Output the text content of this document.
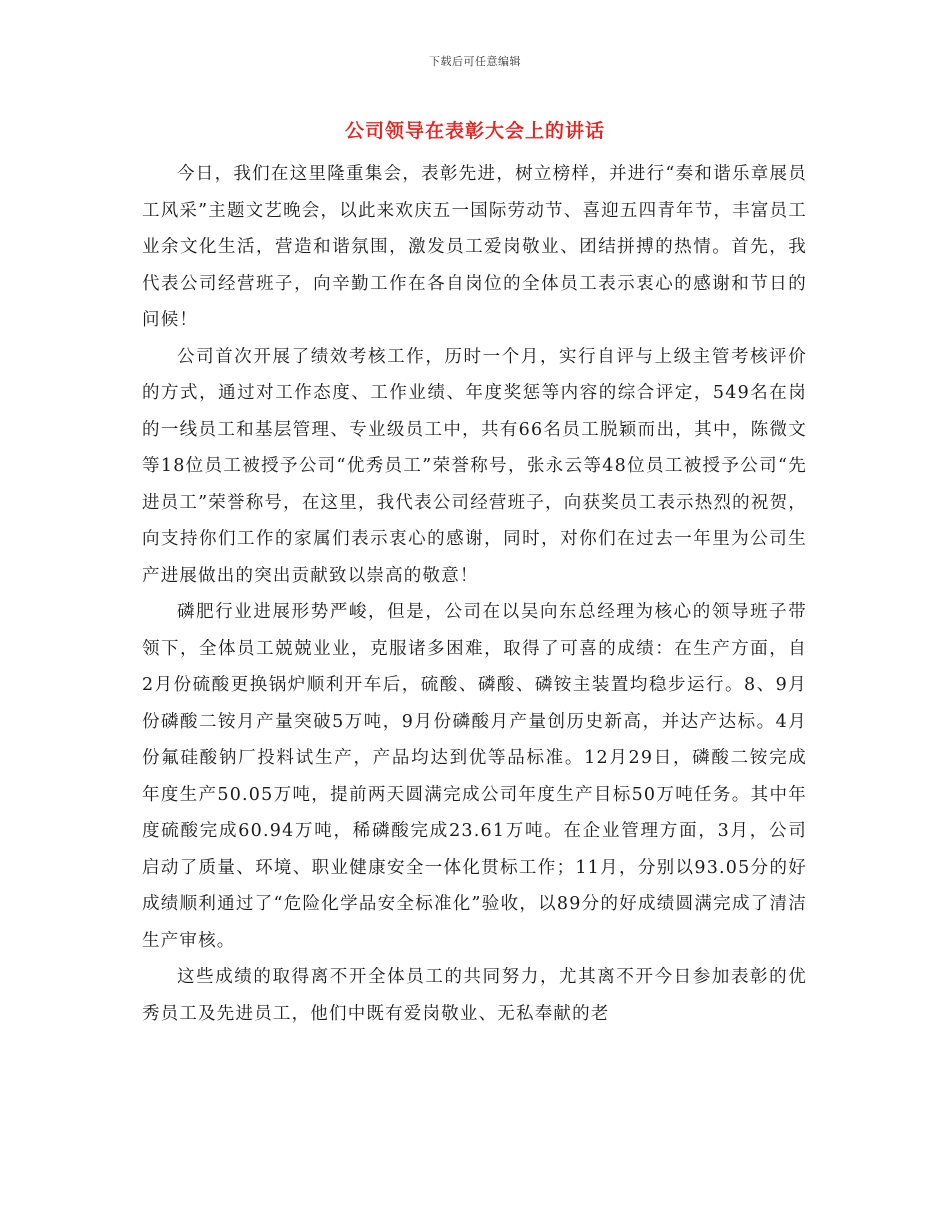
下载后可任意编辑
公司领导在表彰大会上的讲话

今日，我们在这里隆重集会，表彰先进，树立榜样，并进行“奏和谐乐章展员工风采”主题文艺晚会，以此来欢庆五一国际劳动节、喜迎五四青年节，丰富员工业余文化生活，营造和谐氛围，激发员工爱岗敬业、团结拼搏的热情。首先，我代表公司经营班子，向辛勤工作在各自岗位的全体员工表示衷心的感谢和节日的问候！

公司首次开展了绩效考核工作，历时一个月，实行自评与上级主管考核评价的方式，通过对工作态度、工作业绩、年度奖惩等内容的综合评定，549名在岗的一线员工和基层管理、专业级员工中，共有66名员工脱颖而出，其中，陈微文等18位员工被授予公司“优秀员工”荣誉称号，张永云等48位员工被授予公司“先进员工”荣誉称号，在这里，我代表公司经营班子，向获奖员工表示热烈的祝贺，向支持你们工作的家属们表示衷心的感谢，同时，对你们在过去一年里为公司生产进展做出的突出贡献致以崇高的敬意！

磷肥行业进展形势严峻，但是，公司在以吴向东总经理为核心的领导班子带领下，全体员工兢兢业业，克服诸多困难，取得了可喜的成绩：在生产方面，自2月份硫酸更换锅炉顺利开车后，硫酸、磷酸、磷铵主装置均稳步运行。8、9月份磷酸二铵月产量突破5万吨，9月份磷酸月产量创历史新高，并达产达标。4月份氟硅酸钠厂投料试生产，产品均达到优等品标准。12月29日，磷酸二铵完成年度生产50.05万吨，提前两天圆满完成公司年度生产目标50万吨任务。其中年度硫酸完成60.94万吨，稀磷酸完成23.61万吨。在企业管理方面，3月，公司启动了质量、环境、职业健康安全一体化贯标工作；11月，分别以93.05分的好成绩顺利通过了“危险化学品安全标准化”验收，以89分的好成绩圆满完成了清洁生产审核。

这些成绩的取得离不开全体员工的共同努力，尤其离不开今日参加表彰的优秀员工及先进员工，他们中既有爱岗敬业、无私奉献的老
